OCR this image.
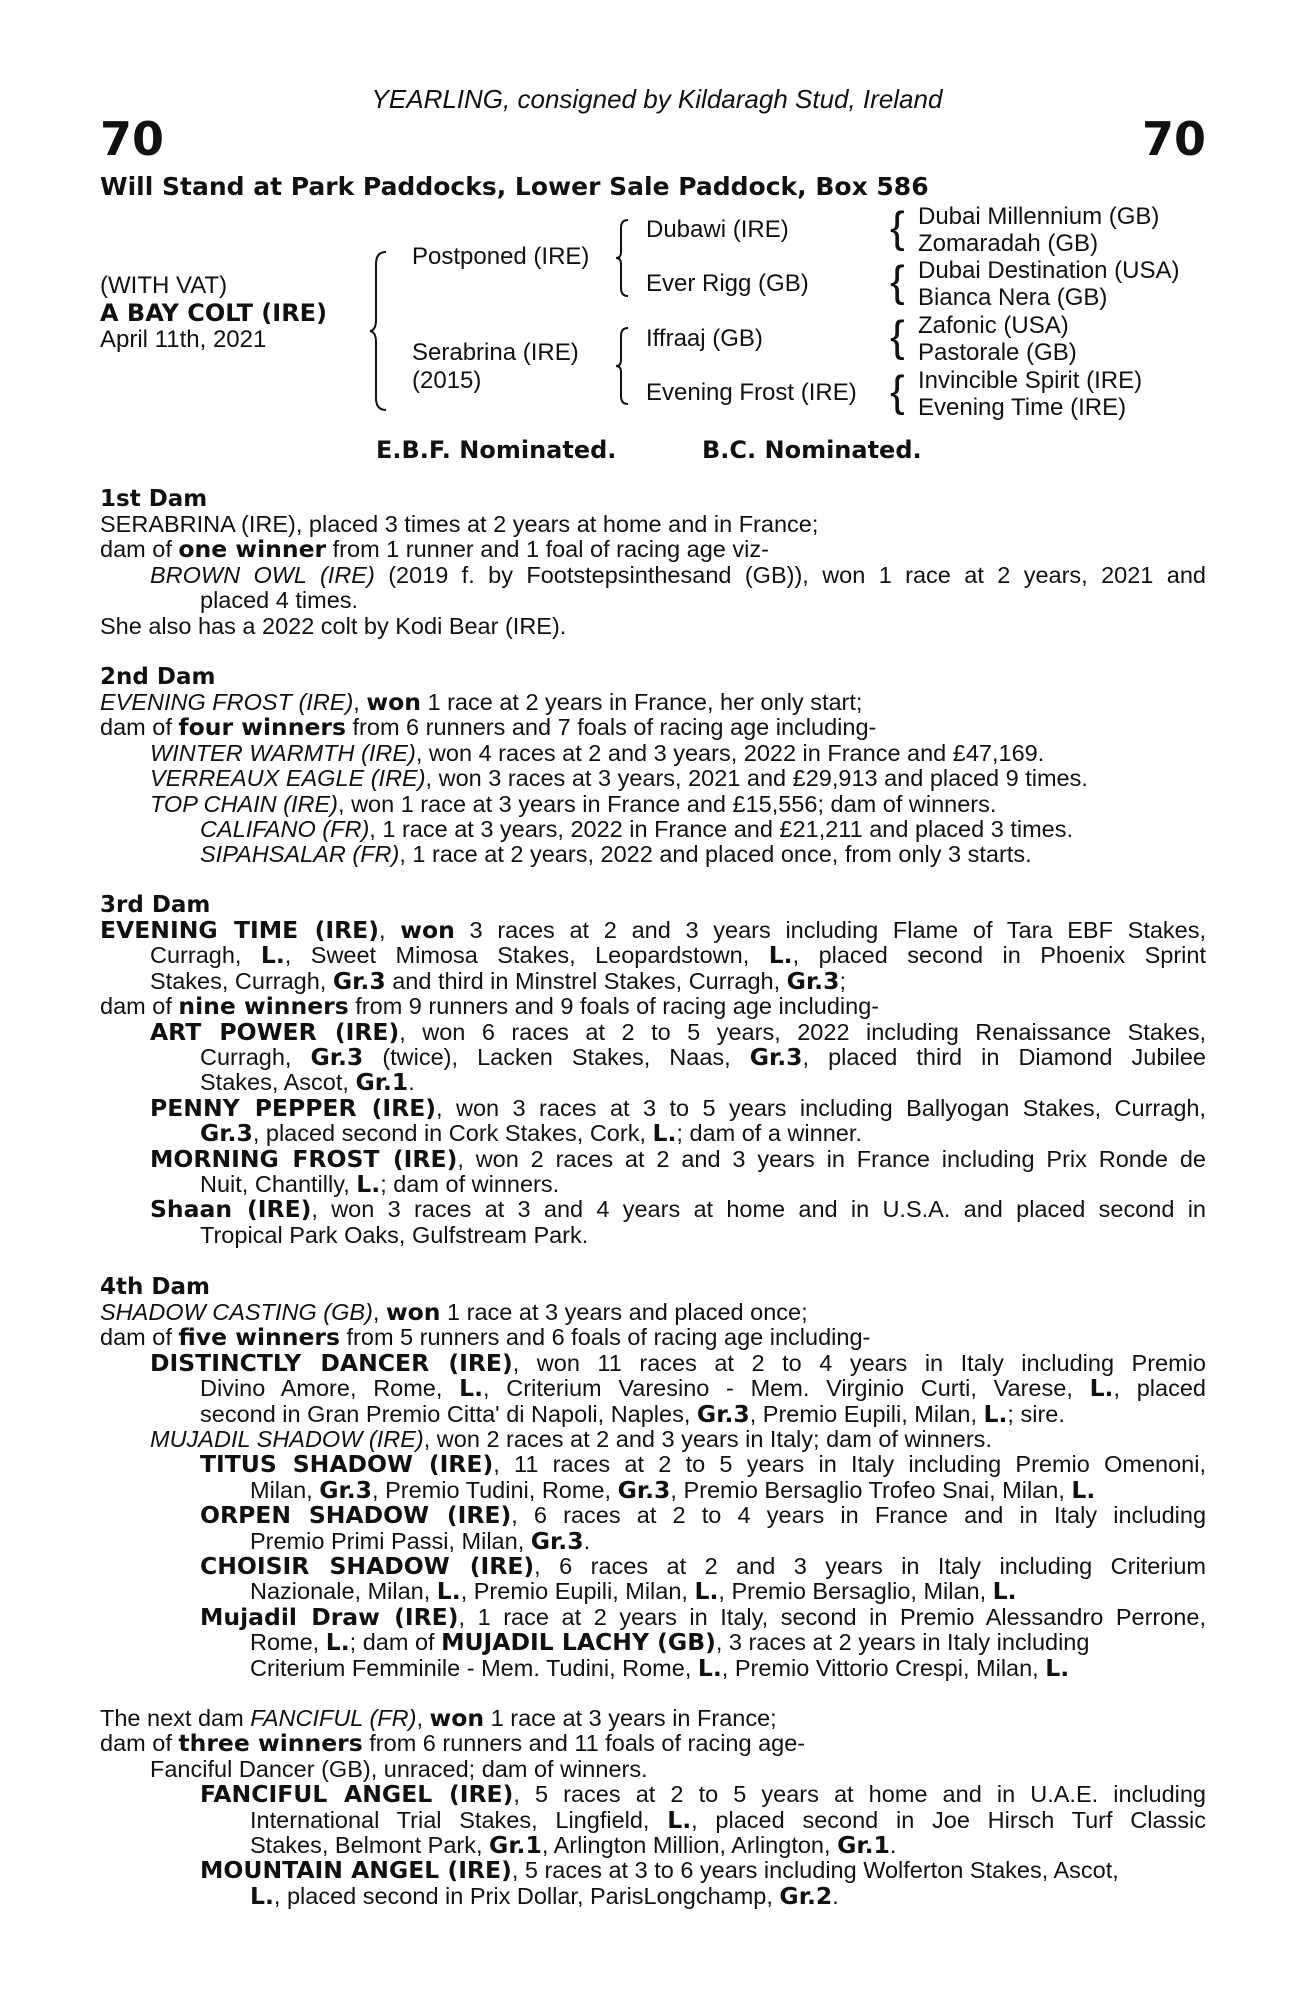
YEARLING, consigned by Kildaragh Stud, Ireland
70	70
Will Stand at Park Paddocks, Lower Sale Paddock, Box 586
(WITH VAT)
A BAY COLT (IRE)
April 11th, 2021
Postponed (IRE)
Serabrina (IRE)
(2015)
Dubawi (IRE)
Ever Rigg (GB)
Iffraaj (GB)
Evening Frost (IRE)
{ Dubai Millennium (GB)
Zomaradah (GB)
{ Dubai Destination (USA)
Bianca Nera (GB)
{ Zafonic (USA)
Pastorale (GB)
{ Invincible Spirit (IRE)
Evening Time (IRE)
E.B.F. Nominated.	B.C. Nominated.
1st Dam
SERABRINA (IRE), placed 3 times at 2 years at home and in France;
dam of one winner from 1 runner and 1 foal of racing age viz-
BROWN OWL (IRE) (2019 f. by Footstepsinthesand (GB)), won 1 race at 2 years, 2021 and
placed 4 times.
She also has a 2022 colt by Kodi Bear (IRE).
2nd Dam
EVENING FROST (IRE), won 1 race at 2 years in France, her only start;
dam of four winners from 6 runners and 7 foals of racing age including-
WINTER WARMTH (IRE), won 4 races at 2 and 3 years, 2022 in France and £47,169.
VERREAUX EAGLE (IRE), won 3 races at 3 years, 2021 and £29,913 and placed 9 times.
TOP CHAIN (IRE), won 1 race at 3 years in France and £15,556; dam of winners.
CALIFANO (FR), 1 race at 3 years, 2022 in France and £21,211 and placed 3 times.
SIPAHSALAR (FR), 1 race at 2 years, 2022 and placed once, from only 3 starts.
3rd Dam
EVENING TIME (IRE), won 3 races at 2 and 3 years including Flame of Tara EBF Stakes,
Curragh, L., Sweet Mimosa Stakes, Leopardstown, L., placed second in Phoenix Sprint
Stakes, Curragh, Gr.3 and third in Minstrel Stakes, Curragh, Gr.3;
dam of nine winners from 9 runners and 9 foals of racing age including-
ART POWER (IRE), won 6 races at 2 to 5 years, 2022 including Renaissance Stakes,
Curragh, Gr.3 (twice), Lacken Stakes, Naas, Gr.3, placed third in Diamond Jubilee
Stakes, Ascot, Gr.1.
PENNY PEPPER (IRE), won 3 races at 3 to 5 years including Ballyogan Stakes, Curragh,
Gr.3, placed second in Cork Stakes, Cork, L.; dam of a winner.
MORNING FROST (IRE), won 2 races at 2 and 3 years in France including Prix Ronde de
Nuit, Chantilly, L.; dam of winners.
Shaan (IRE), won 3 races at 3 and 4 years at home and in U.S.A. and placed second in
Tropical Park Oaks, Gulfstream Park.
4th Dam
SHADOW CASTING (GB), won 1 race at 3 years and placed once;
dam of five winners from 5 runners and 6 foals of racing age including-
DISTINCTLY DANCER (IRE), won 11 races at 2 to 4 years in Italy including Premio
Divino Amore, Rome, L., Criterium Varesino - Mem. Virginio Curti, Varese, L., placed
second in Gran Premio Citta' di Napoli, Naples, Gr.3, Premio Eupili, Milan, L.; sire.
MUJADIL SHADOW (IRE), won 2 races at 2 and 3 years in Italy; dam of winners.
TITUS SHADOW (IRE), 11 races at 2 to 5 years in Italy including Premio Omenoni,
Milan, Gr.3, Premio Tudini, Rome, Gr.3, Premio Bersaglio Trofeo Snai, Milan, L.
ORPEN SHADOW (IRE), 6 races at 2 to 4 years in France and in Italy including
Premio Primi Passi, Milan, Gr.3.
CHOISIR SHADOW (IRE), 6 races at 2 and 3 years in Italy including Criterium
Nazionale, Milan, L., Premio Eupili, Milan, L., Premio Bersaglio, Milan, L.
Mujadil Draw (IRE), 1 race at 2 years in Italy, second in Premio Alessandro Perrone,
Rome, L.; dam of MUJADIL LACHY (GB), 3 races at 2 years in Italy including
Criterium Femminile - Mem. Tudini, Rome, L., Premio Vittorio Crespi, Milan, L.
The next dam FANCIFUL (FR), won 1 race at 3 years in France;
dam of three winners from 6 runners and 11 foals of racing age-
Fanciful Dancer (GB), unraced; dam of winners.
FANCIFUL ANGEL (IRE), 5 races at 2 to 5 years at home and in U.A.E. including
International Trial Stakes, Lingfield, L., placed second in Joe Hirsch Turf Classic
Stakes, Belmont Park, Gr.1, Arlington Million, Arlington, Gr.1.
MOUNTAIN ANGEL (IRE), 5 races at 3 to 6 years including Wolferton Stakes, Ascot,
L., placed second in Prix Dollar, ParisLongchamp, Gr.2.
